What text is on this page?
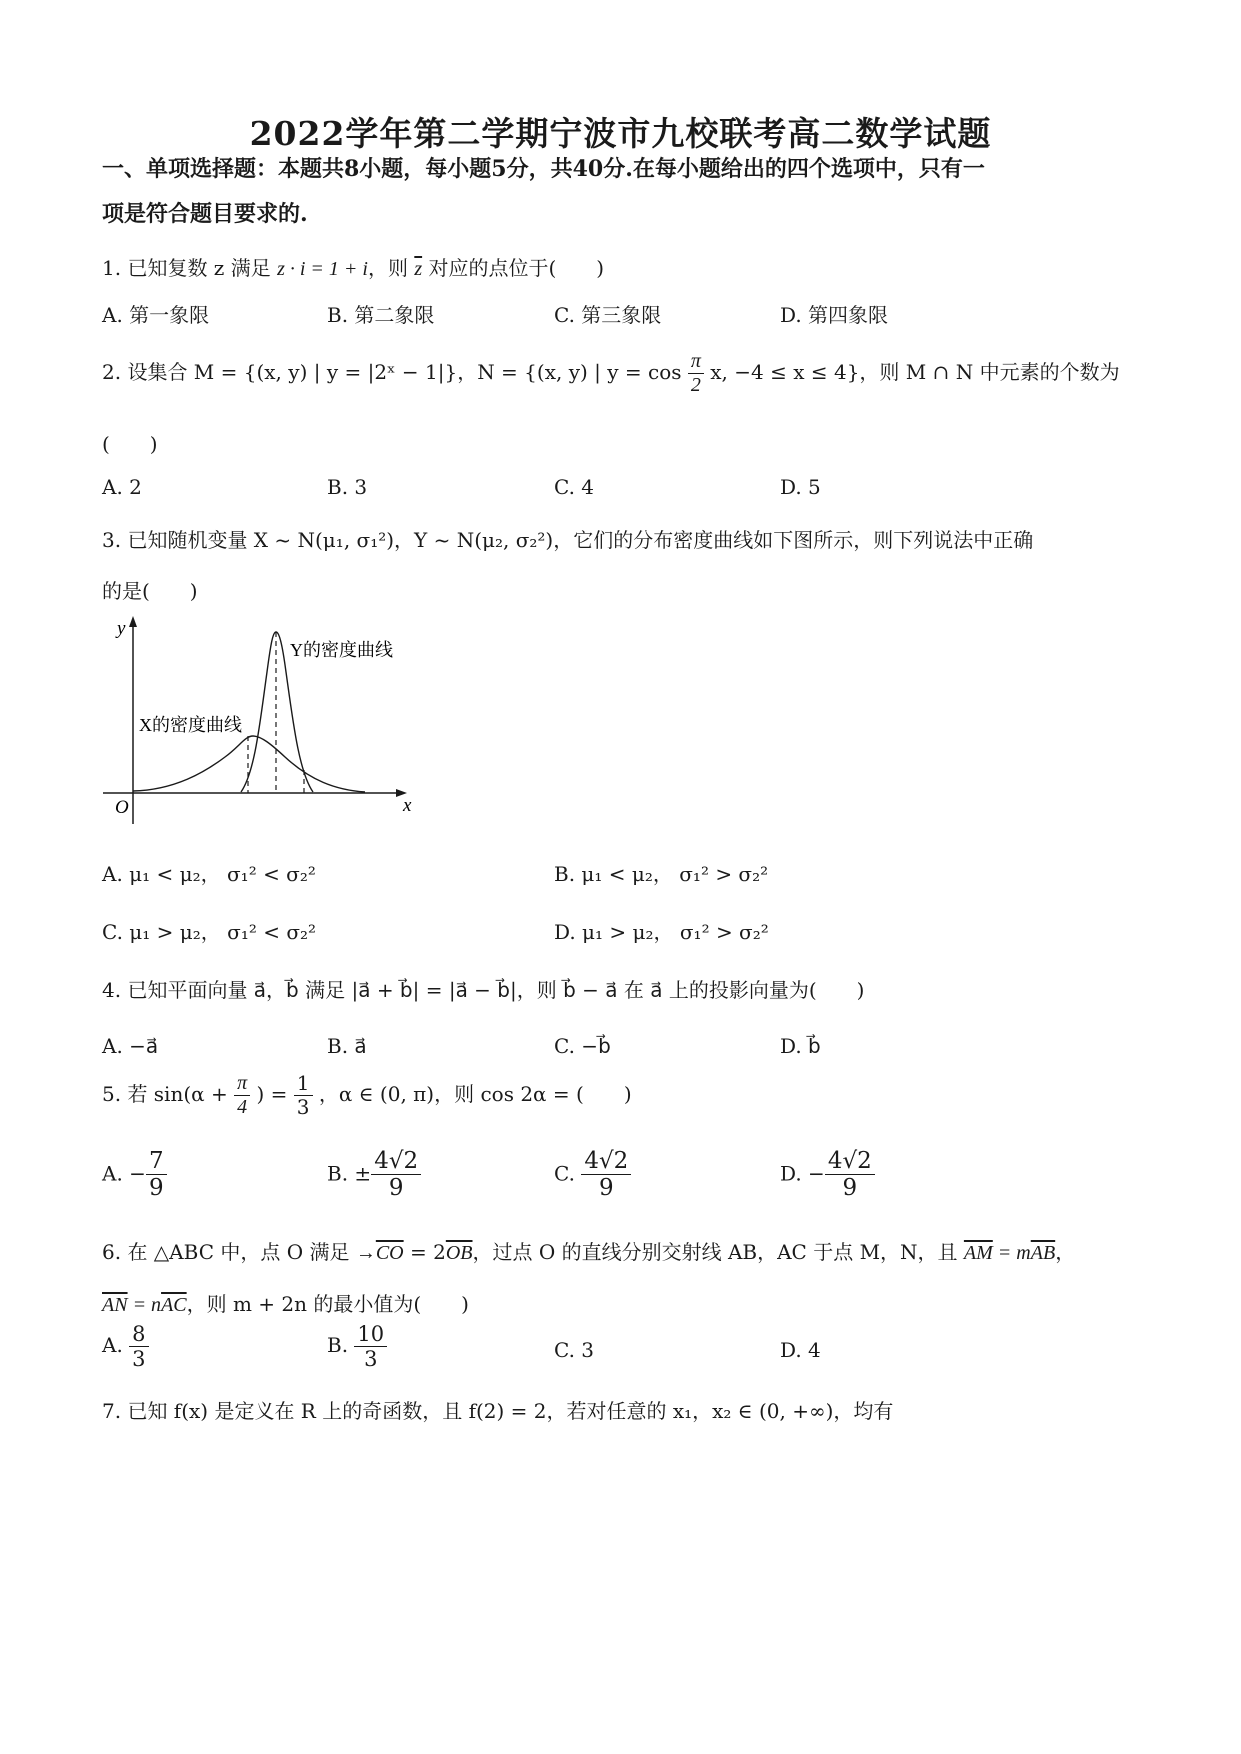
2022学年第二学期宁波市九校联考高二数学试题
一、单项选择题：本题共8小题，每小题5分，共40分.在每小题给出的四个选项中，只有一
项是符合题目要求的.
1. 已知复数 z 满足 z · i = 1 + i，则 $\overline{z}$ 对应的点位于(　　)
A. 第一象限	B. 第二象限	C. 第三象限	D. 第四象限
2. 设集合 M = {(x, y) | y = |2ˣ − 1|}，N = {(x, y) | $y = \cos \frac{\pi}{2} x$, −4 ≤ x ≤ 4}，则 M ∩ N 中元素的个数为
(　　)
A. 2	B. 3	C. 4	D. 5
3. 已知随机变量 X ~ N(μ₁, σ₁²)，Y ~ N(μ₂, σ₂²)，它们的分布密度曲线如下图所示，则下列说法中正确
的是(　　)
y
x
O
Y的密度曲线
X的密度曲线
A. μ₁ < μ₂， σ₁² < σ₂²	B. μ₁ < μ₂， σ₁² > σ₂²
C. μ₁ > μ₂， σ₁² < σ₂²	D. μ₁ > μ₂， σ₁² > σ₂²
4. 已知平面向量 a⃗，b⃗ 满足 |a⃗ + b⃗| = |a⃗ − b⃗|，则 b⃗ − a⃗ 在 a⃗ 上的投影向量为(　　)
A. −a⃗	B. a⃗	C. −b⃗	D. b⃗
5. 若 $\sin(\alpha + \frac{\pi}{4}$ ) = $\frac{1}{3}$ ，α ∈ (0, π)，则 cos 2α = (　　)
A. − $\frac{7}{9}$	B. ± $\frac{4√2}{9}$	C. $\frac{4√2}{9}$	D. − $\frac{4√2}{9}$
6. 在 △ABC 中，点 O 满足 $\to\overline{CO} = 2\overline{OB}$，过点 O 的直线分别交射线 AB，AC 于点 M，N，且 $\overline{AM} = m\overline{AB}$，
$\overline{AN} = n\overline{AC}$，则 m + 2n 的最小值为(　　)
A. $\frac{8}{3}$	B. $\frac{10}{3}$	C. 3	D. 4
7. 已知 f(x) 是定义在 R 上的奇函数，且 f(2) = 2，若对任意的 x₁，x₂ ∈ (0, +∞)，均有
